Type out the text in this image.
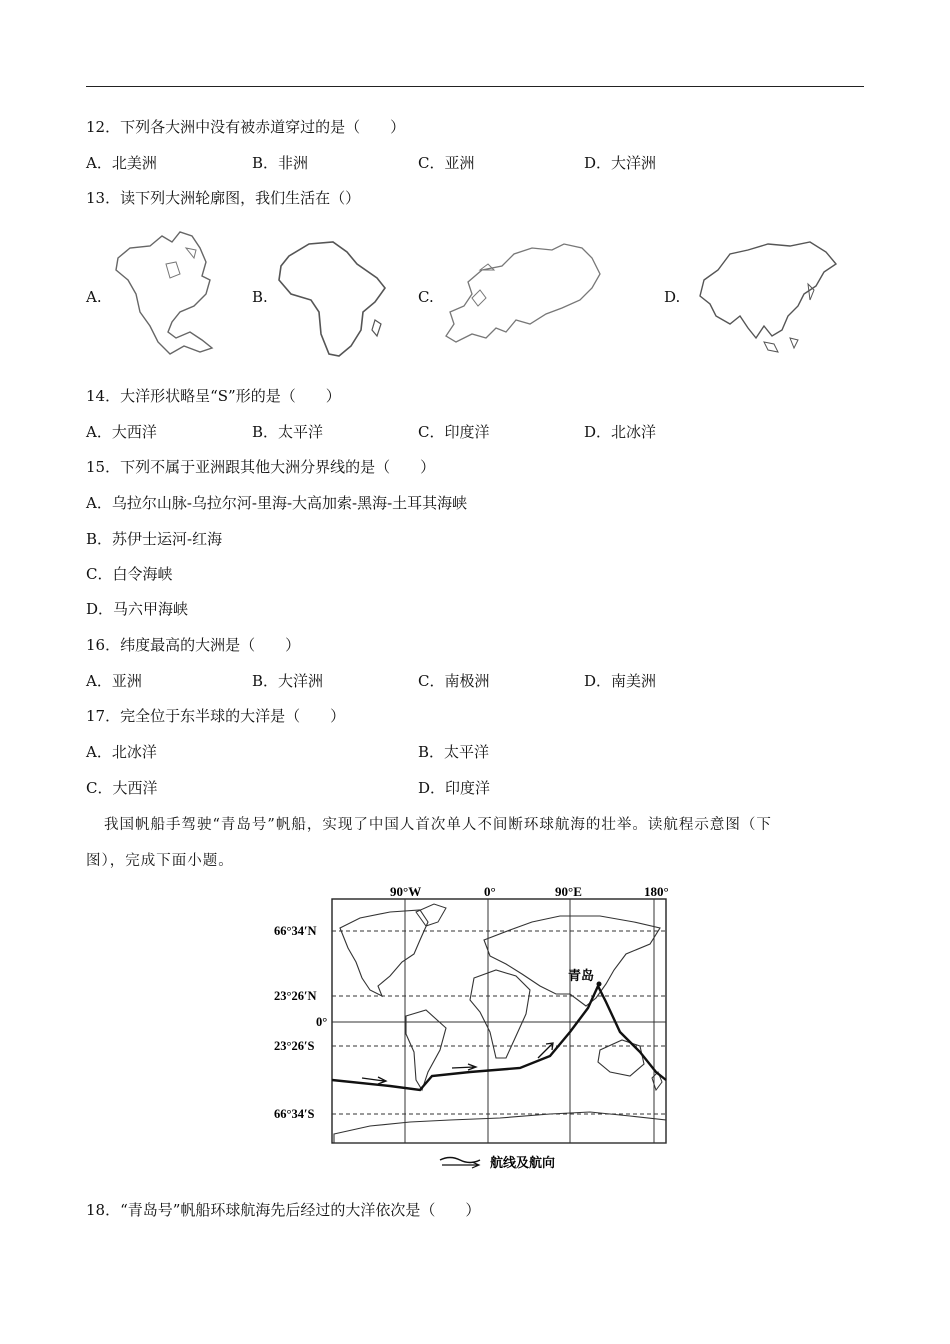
12．下列各大洲中没有被赤道穿过的是（　　）
A．北美洲	B．非洲	C．亚洲	D．大洋洲
13．读下列大洲轮廓图，我们生活在（）
A.	B.	C.	D.
14．大洋形状略呈“S”形的是（　　）
A．大西洋	B．太平洋	C．印度洋	D．北冰洋
15．下列不属于亚洲跟其他大洲分界线的是（　　）
A．乌拉尔山脉-乌拉尔河-里海-大高加索-黑海-土耳其海峡
B．苏伊士运河-红海
C．白令海峡
D．马六甲海峡
16．纬度最高的大洲是（　　）
A．亚洲	B．大洋洲	C．南极洲	D．南美洲
17．完全位于东半球的大洋是（　　）
A．北冰洋	B．太平洋
C．大西洋	D．印度洋
我国帆船手驾驶“青岛号”帆船，实现了中国人首次单人不间断环球航海的壮举。读航程示意图（下
图），完成下面小题。
90°W	0°	90°E	180°
66°34′N
23°26′N
0°
23°26′S
66°34′S
青岛
航线及航向
18．“青岛号”帆船环球航海先后经过的大洋依次是（　　）
